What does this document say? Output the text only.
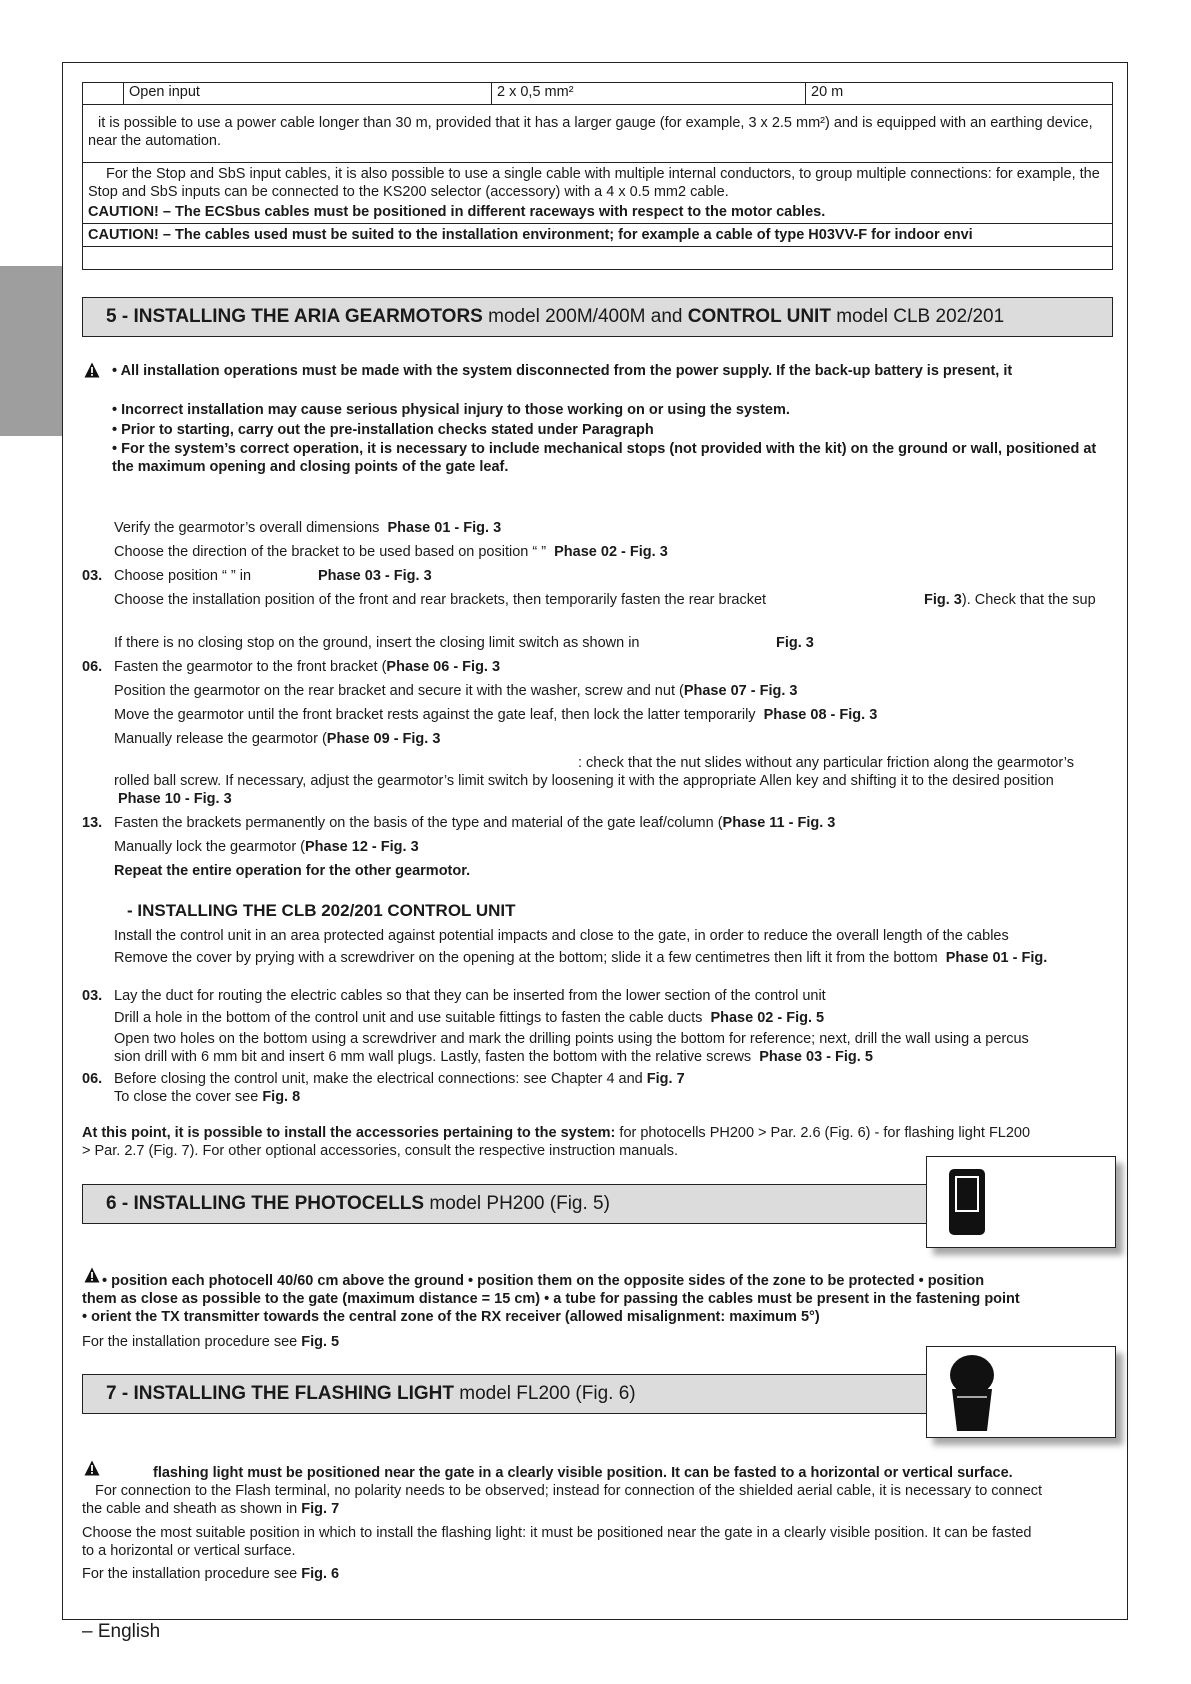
Open input	2 x 0,5 mm²	20 m
it is possible to use a power cable longer than 30 m, provided that it has a larger gauge (for example, 3 x 2.5 mm²) and is equipped with an earthing device, near the automation.
For the Stop and SbS input cables, it is also possible to use a single cable with multiple internal conductors, to group multiple connections: for example, the Stop and SbS inputs can be connected to the KS200 selector (accessory) with a 4 x 0.5 mm2 cable.
CAUTION! – The ECSbus cables must be positioned in different raceways with respect to the motor cables.
CAUTION! – The cables used must be suited to the installation environment; for example a cable of type H03VV-F for indoor envi
5 - INSTALLING THE ARIA GEARMOTORS model 200M/400M and CONTROL UNIT model CLB 202/201
• All installation operations must be made with the system disconnected from the power supply. If the back-up battery is present, it
• Incorrect installation may cause serious physical injury to those working on or using the system.
• Prior to starting, carry out the pre-installation checks stated under Paragraph
• For the system’s correct operation, it is necessary to include mechanical stops (not provided with the kit) on the ground or wall, positioned at the maximum opening and closing points of the gate leaf.
Verify the gearmotor’s overall dimensions Phase 01 - Fig. 3
Choose the direction of the bracket to be used based on position “ ” Phase 02 - Fig. 3
03. Choose position “ ” in	Phase 03 - Fig. 3
Choose the installation position of the front and rear brackets, then temporarily fasten the rear bracket	Fig. 3). Check that the sup
If there is no closing stop on the ground, insert the closing limit switch as shown in	Fig. 3
06. Fasten the gearmotor to the front bracket (Phase 06 - Fig. 3
Position the gearmotor on the rear bracket and secure it with the washer, screw and nut (Phase 07 - Fig. 3
Move the gearmotor until the front bracket rests against the gate leaf, then lock the latter temporarily Phase 08 - Fig. 3
Manually release the gearmotor (Phase 09 - Fig. 3
: check that the nut slides without any particular friction along the gearmotor’s
rolled ball screw. If necessary, adjust the gearmotor’s limit switch by loosening it with the appropriate Allen key and shifting it to the desired position
Phase 10 - Fig. 3
13. Fasten the brackets permanently on the basis of the type and material of the gate leaf/column (Phase 11 - Fig. 3
Manually lock the gearmotor (Phase 12 - Fig. 3
Repeat the entire operation for the other gearmotor.
- INSTALLING THE CLB 202/201 CONTROL UNIT
Install the control unit in an area protected against potential impacts and close to the gate, in order to reduce the overall length of the cables
Remove the cover by prying with a screwdriver on the opening at the bottom; slide it a few centimetres then lift it from the bottom Phase 01 - Fig.
03. Lay the duct for routing the electric cables so that they can be inserted from the lower section of the control unit
Drill a hole in the bottom of the control unit and use suitable fittings to fasten the cable ducts Phase 02 - Fig. 5
Open two holes on the bottom using a screwdriver and mark the drilling points using the bottom for reference; next, drill the wall using a percus
sion drill with 6 mm bit and insert 6 mm wall plugs. Lastly, fasten the bottom with the relative screws Phase 03 - Fig. 5
06. Before closing the control unit, make the electrical connections: see Chapter 4 and Fig. 7
To close the cover see Fig. 8
At this point, it is possible to install the accessories pertaining to the system: for photocells PH200 > Par. 2.6 (Fig. 6) - for flashing light FL200
> Par. 2.7 (Fig. 7). For other optional accessories, consult the respective instruction manuals.
6 - INSTALLING THE PHOTOCELLS model PH200 (Fig. 5)
• position each photocell 40/60 cm above the ground • position them on the opposite sides of the zone to be protected • position
them as close as possible to the gate (maximum distance = 15 cm) • a tube for passing the cables must be present in the fastening point
• orient the TX transmitter towards the central zone of the RX receiver (allowed misalignment: maximum 5°)
For the installation procedure see Fig. 5
7 - INSTALLING THE FLASHING LIGHT model FL200 (Fig. 6)
flashing light must be positioned near the gate in a clearly visible position. It can be fasted to a horizontal or vertical surface.
For connection to the Flash terminal, no polarity needs to be observed; instead for connection of the shielded aerial cable, it is necessary to connect
the cable and sheath as shown in Fig. 7
Choose the most suitable position in which to install the flashing light: it must be positioned near the gate in a clearly visible position. It can be fasted
to a horizontal or vertical surface.
For the installation procedure see Fig. 6
– English
